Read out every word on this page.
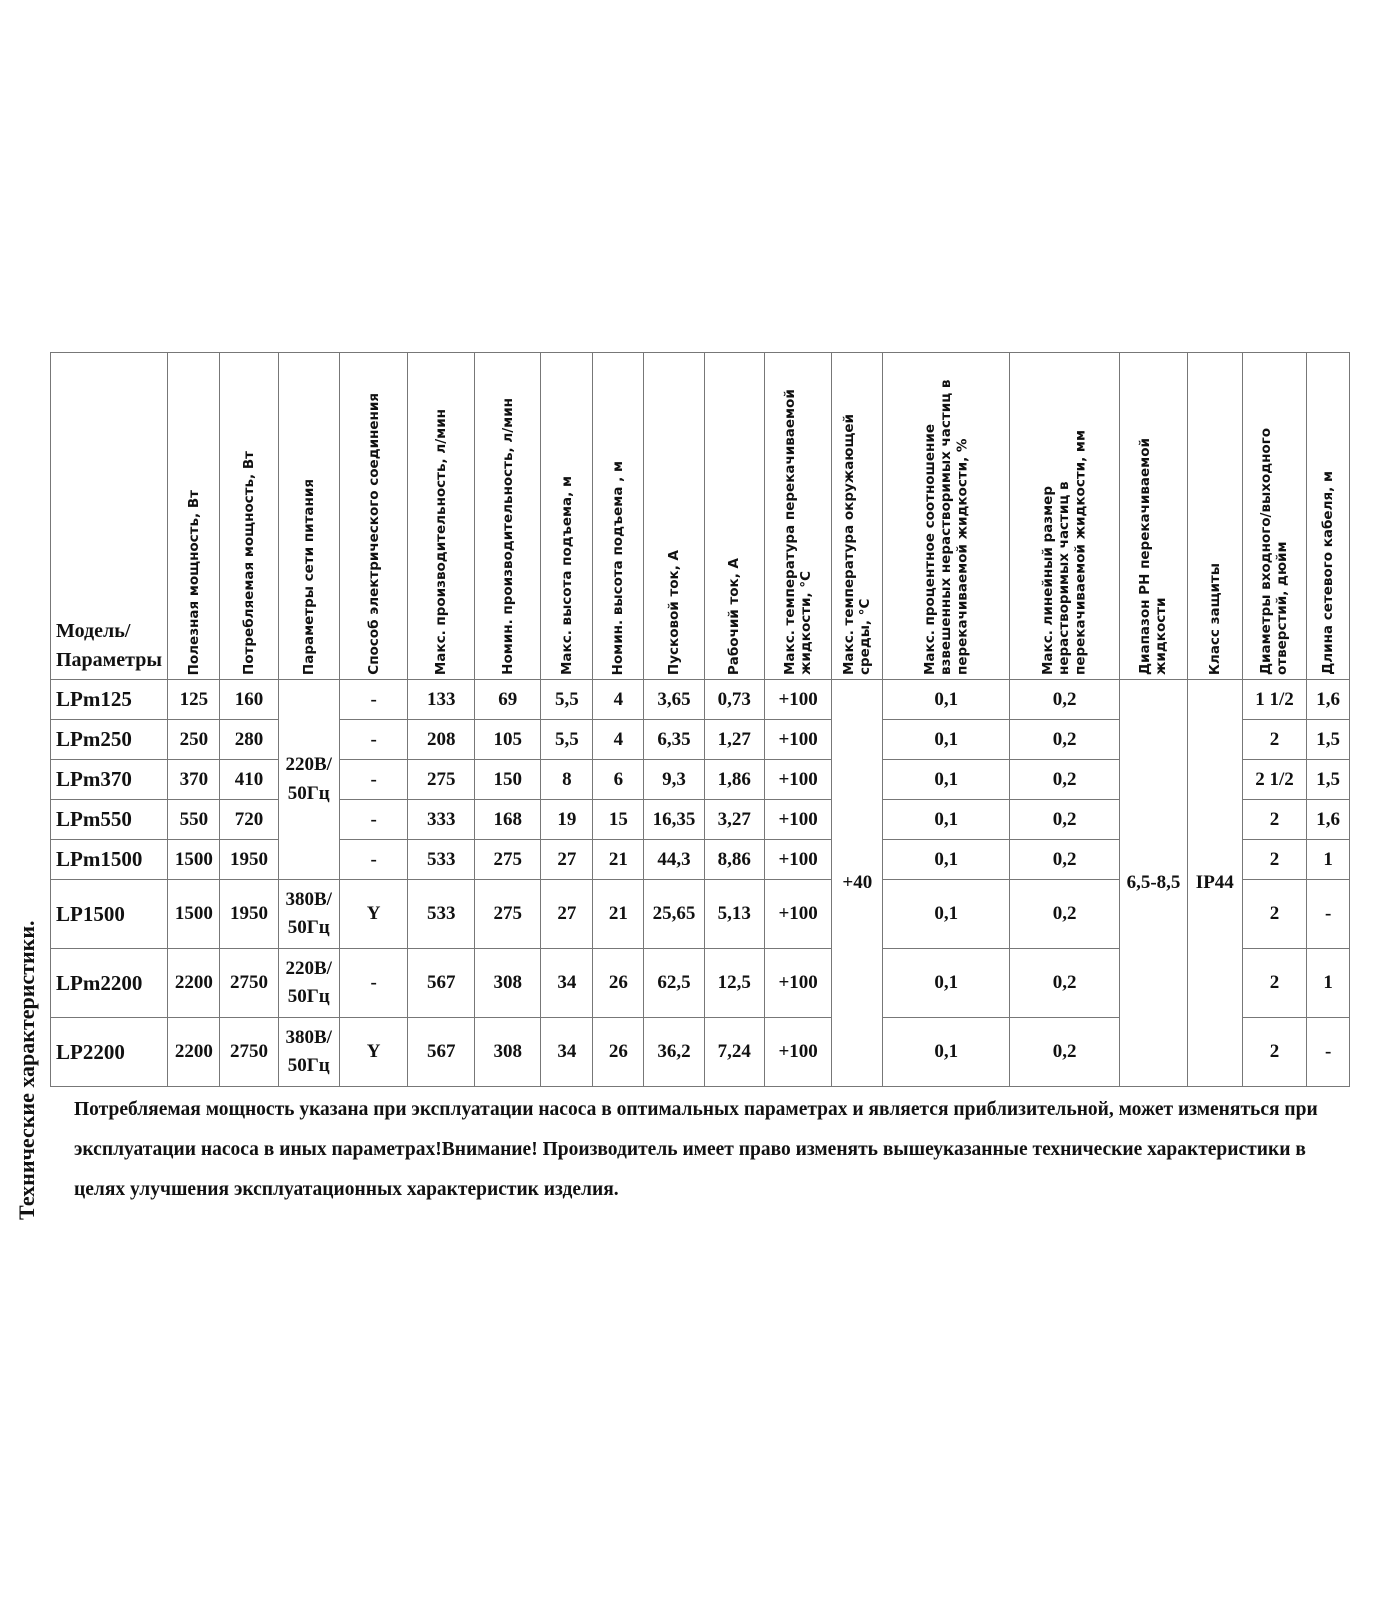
Технические характеристики.
Модель/ Параметры	Полезная мощность, Вт	Потребляемая мощность, Вт	Параметры сети питания	Способ электрического соединения	Макс. производительность, л/мин	Номин. производительность, л/мин	Макс. высота подъема, м	Номин. высота подъема , м	Пусковой ток, А	Рабочий ток, А	Макс. температура перекачиваемой жидкости, °С	Макс. температура окружающей среды, °С	Макс. процентное соотношение взвешенных нерастворимых частиц в перекачиваемой жидкости, %	Макс. линейный размер нерастворимых частиц в перекачиваемой жидкости, мм	Диапазон PH перекачиваемой жидкости	Класс защиты	Диаметры входного/выходного отверстий, дюйм	Длина сетевого кабеля, м

LPm125	125	160	220В/ 50Гц	-	133	69	5,5	4	3,65	0,73	+100	+40	0,1	0,2	6,5-8,5	IP44	1 1/2	1,6
LPm250	250	280		-	208	105	5,5	4	6,35	1,27	+100		0,1	0,2			2	1,5
LPm370	370	410		-	275	150	8	6	9,3	1,86	+100		0,1	0,2			2 1/2	1,5
LPm550	550	720		-	333	168	19	15	16,35	3,27	+100		0,1	0,2			2	1,6
LPm1500	1500	1950		-	533	275	27	21	44,3	8,86	+100		0,1	0,2			2	1
LP1500	1500	1950	380В/ 50Гц	Y	533	275	27	21	25,65	5,13	+100		0,1	0,2			2	-
LPm2200	2200	2750	220В/ 50Гц	-	567	308	34	26	62,5	12,5	+100		0,1	0,2			2	1
LP2200	2200	2750	380В/ 50Гц	Y	567	308	34	26	36,2	7,24	+100		0,1	0,2			2	-
Потребляемая мощность указана при эксплуатации насоса в оптимальных параметрах и является приблизительной, может изменяться при эксплуатации насоса в иных параметрах!Внимание! Производитель имеет право изменять вышеуказанные технические характеристики в целях улучшения эксплуатационных характеристик изделия.
